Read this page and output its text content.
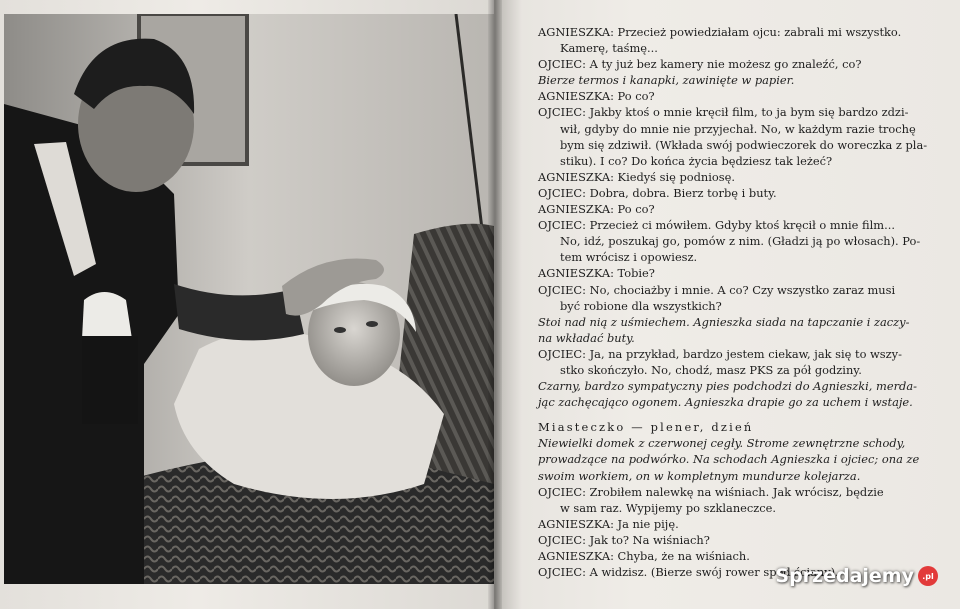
AGNIESZKA: Przecież powiedziałam ojcu: zabrali mi wszystko.
Kamerę, taśmę...
OJCIEC: A ty już bez kamery nie możesz go znaleźć, co?
Bierze termos i kanapki, zawinięte w papier.
AGNIESZKA: Po co?
OJCIEC: Jakby ktoś o mnie kręcił film, to ja bym się bardzo zdzi-
wił, gdyby do mnie nie przyjechał. No, w każdym razie trochę
bym się zdziwił. (Wkłada swój podwieczorek do woreczka z pla-
stiku). I co? Do końca życia będziesz tak leżeć?
AGNIESZKA: Kiedyś się podniosę.
OJCIEC: Dobra, dobra. Bierz torbę i buty.
AGNIESZKA: Po co?
OJCIEC: Przecież ci mówiłem. Gdyby ktoś kręcił o mnie film...
No, idź, poszukaj go, pomów z nim. (Gładzi ją po włosach). Po-
tem wrócisz i opowiesz.
AGNIESZKA: Tobie?
OJCIEC: No, chociażby i mnie. A co? Czy wszystko zaraz musi
być robione dla wszystkich?
Stoi nad nią z uśmiechem. Agnieszka siada na tapczanie i zaczy-
na wkładać buty.
OJCIEC: Ja, na przykład, bardzo jestem ciekaw, jak się to wszy-
stko skończyło. No, chodź, masz PKS za pół godziny.
Czarny, bardzo sympatyczny pies podchodzi do Agnieszki, merda-
jąc zachęcająco ogonem. Agnieszka drapie go za uchem i wstaje.
Miasteczko — plener, dzień
Niewielki domek z czerwonej cegły. Strome zewnętrzne schody,
prowadzące na podwórko. Na schodach Agnieszka i ojciec; ona ze
swoim workiem, on w kompletnym mundurze kolejarza.
OJCIEC: Zrobiłem nalewkę na wiśniach. Jak wrócisz, będzie
w sam raz. Wypijemy po szklaneczce.
AGNIESZKA: Ja nie piję.
OJCIEC: Jak to? Na wiśniach?
AGNIESZKA: Chyba, że na wiśniach.
OJCIEC: A widzisz. (Bierze swój rower spod ściany).
Sprzedajemy	.pl
